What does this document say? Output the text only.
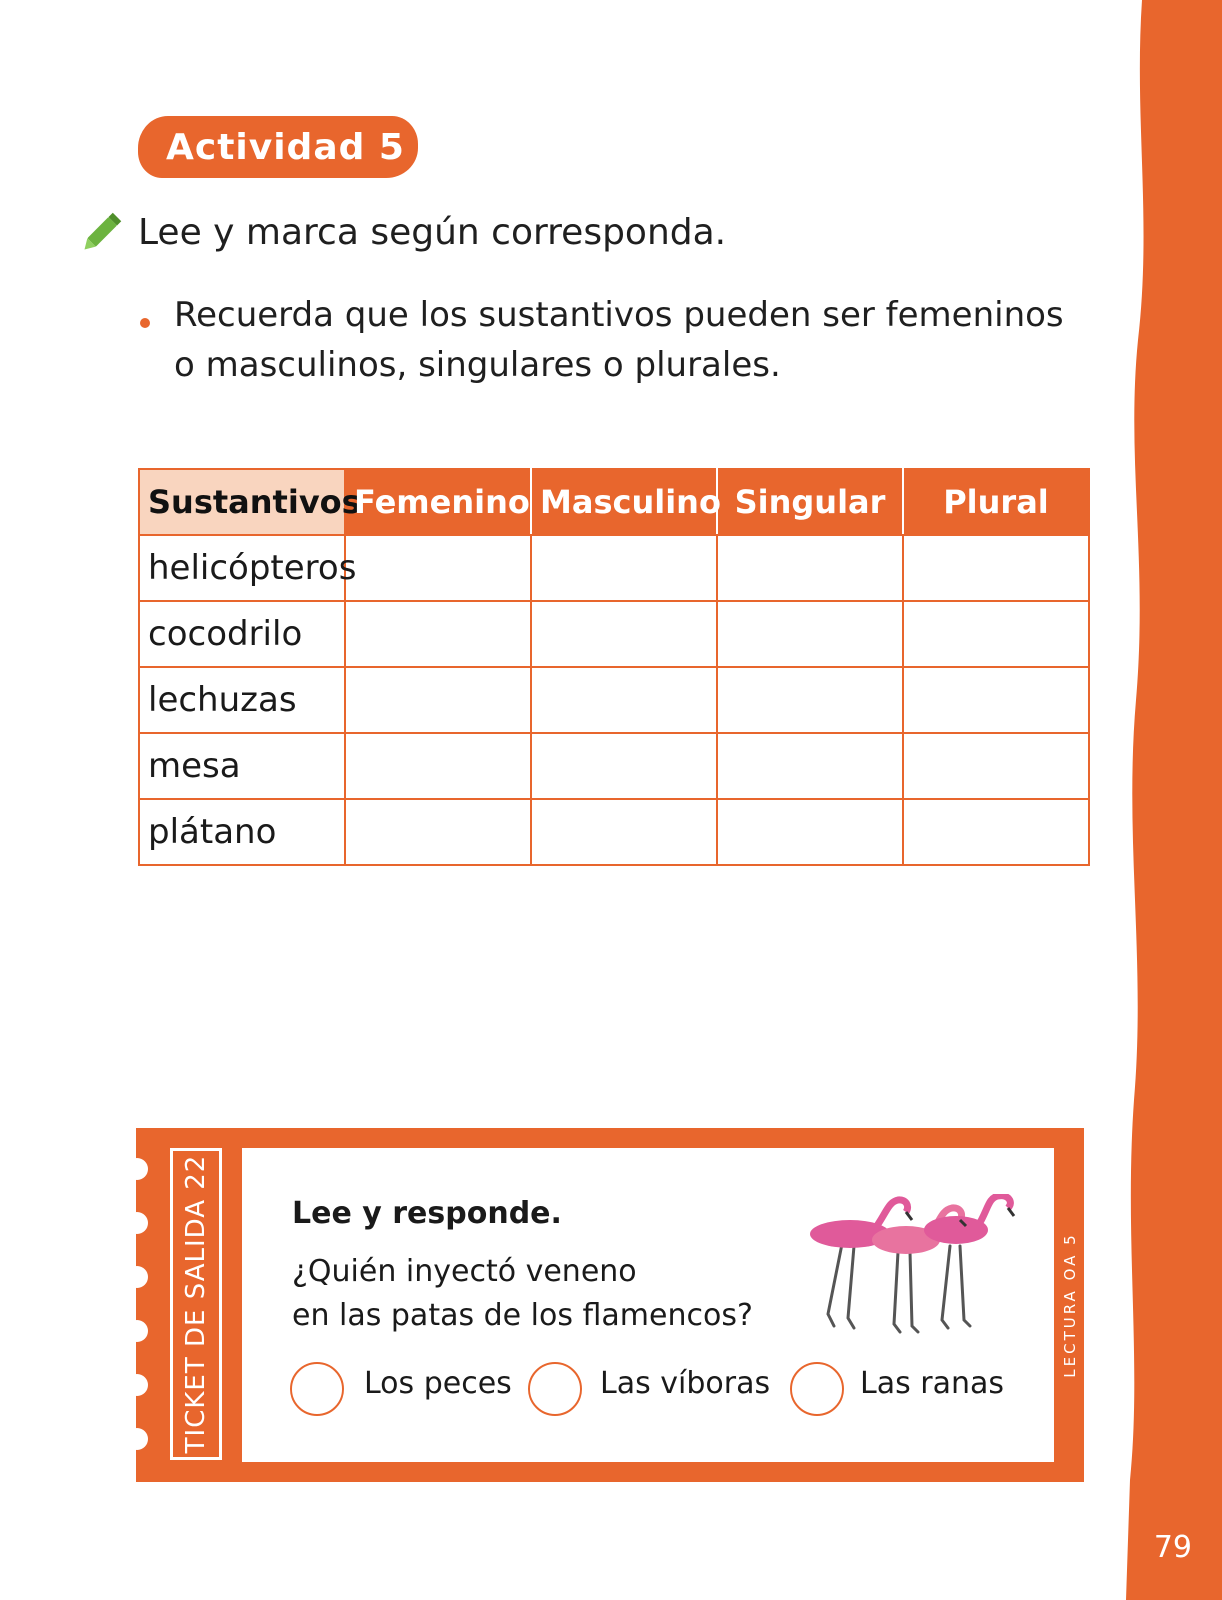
79
Actividad 5
Lee y marca según corresponda.
Recuerda que los sustantivos pueden ser femeninos o masculinos, singulares o plurales.
Sustantivos	Femenino	Masculino	Singular	Plural
helicópteros				
cocodrilo				
lechuzas				
mesa				
plátano				
TICKET DE SALIDA 22	Lee y responde.
¿Quién inyectó veneno
en las patas de los flamencos?
Los peces	Las víboras	Las ranas
LECTURA OA 5
